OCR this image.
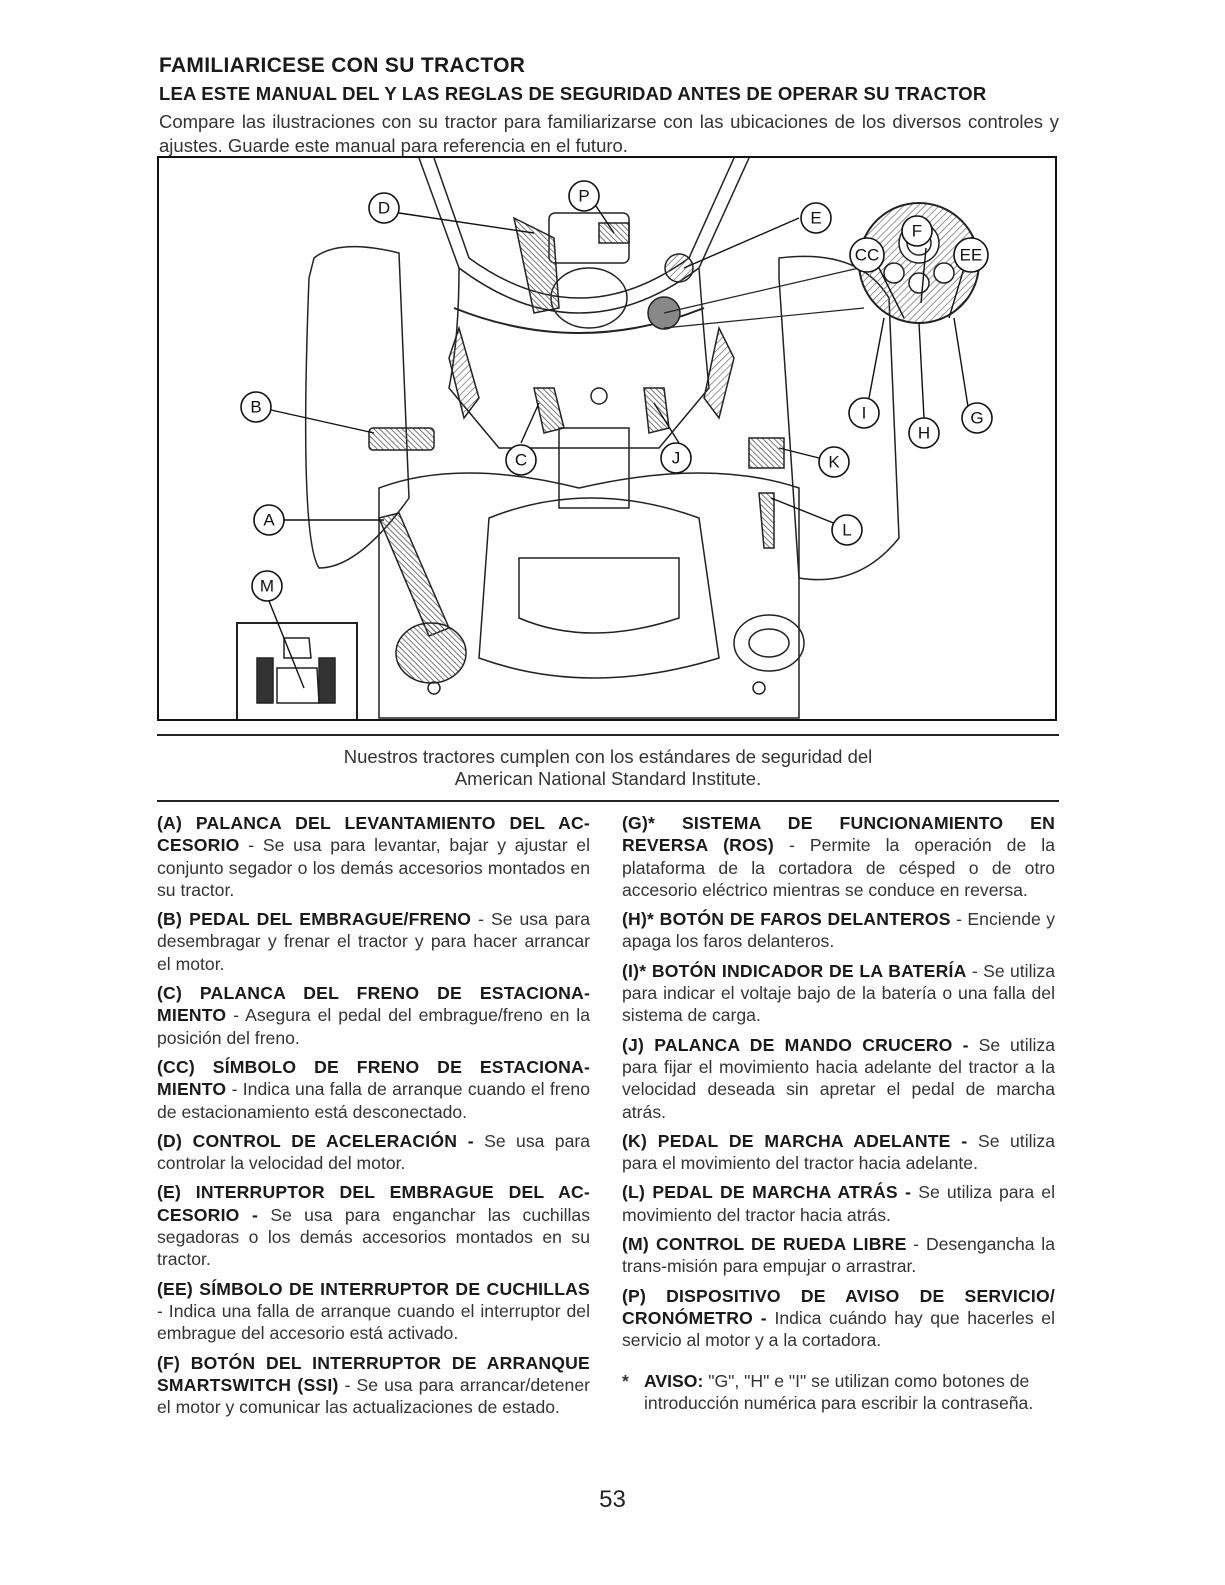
FAMILIARICESE CON SU TRACTOR
LEA ESTE MANUAL DEL Y LAS REGLAS DE SEGURIDAD ANTES DE OPERAR SU TRACTOR
Compare las ilustraciones con su tractor para familiarizarse con las ubicaciones de los diversos controles y ajustes. Guarde este manual para referencia en el futuro.
D
P
E
F
CC	EE
I
H
G
B
C	J	K
L
A
M
Nuestros tractores cumplen con los estándares de seguridad del
American National Standard Institute.

(A) PALANCA DEL LEVANTAMIENTO DEL AC-CESORIO - Se usa para levantar, bajar y ajustar el conjunto segador o los demás accesorios montados en su tractor.

(B) PEDAL DEL EMBRAGUE/FRENO - Se usa para desembragar y frenar el tractor y para hacer arrancar el motor.

(C) PALANCA DEL FRENO DE ESTACIONA-MIENTO - Asegura el pedal del embrague/freno en la posición del freno.

(CC) SÍMBOLO DE FRENO DE ESTACIONA-MIENTO - Indica una falla de arranque cuando el freno de estacionamiento está desconectado.

(D) CONTROL DE ACELERACIÓN - Se usa para controlar la velocidad del motor.

(E) INTERRUPTOR DEL EMBRAGUE DEL AC-CESORIO - Se usa para enganchar las cuchillas segadoras o los demás accesorios montados en su tractor.

(EE) SÍMBOLO DE INTERRUPTOR DE CUCHILLAS - Indica una falla de arranque cuando el interruptor del embrague del accesorio está activado.

(F) BOTÓN DEL INTERRUPTOR DE ARRANQUE SMARTSWITCH (SSI) - Se usa para arrancar/detener el motor y comunicar las actualizaciones de estado.

(G)* SISTEMA DE FUNCIONAMIENTO EN REVERSA (ROS) - Permite la operación de la plataforma de la cortadora de césped o de otro accesorio eléctrico mientras se conduce en reversa.

(H)* BOTÓN DE FAROS DELANTEROS - Enciende y apaga los faros delanteros.

(I)* BOTÓN INDICADOR DE LA BATERÍA - Se utiliza para indicar el voltaje bajo de la batería o una falla del sistema de carga.

(J) PALANCA DE MANDO CRUCERO - Se utiliza para fijar el movimiento hacia adelante del tractor a la velocidad deseada sin apretar el pedal de marcha atrás.

(K) PEDAL DE MARCHA ADELANTE - Se utiliza para el movimiento del tractor hacia adelante.

(L) PEDAL DE MARCHA ATRÁS - Se utiliza para el movimiento del tractor hacia atrás.

(M) CONTROL DE RUEDA LIBRE - Desengancha la trans-misión para empujar o arrastrar.

(P) DISPOSITIVO DE AVISO DE SERVICIO/ CRONÓMETRO - Indica cuándo hay que hacerles el servicio al motor y a la cortadora.

* AVISO: "G", "H" e "I" se utilizan como botones de introducción numérica para escribir la contraseña.
53
